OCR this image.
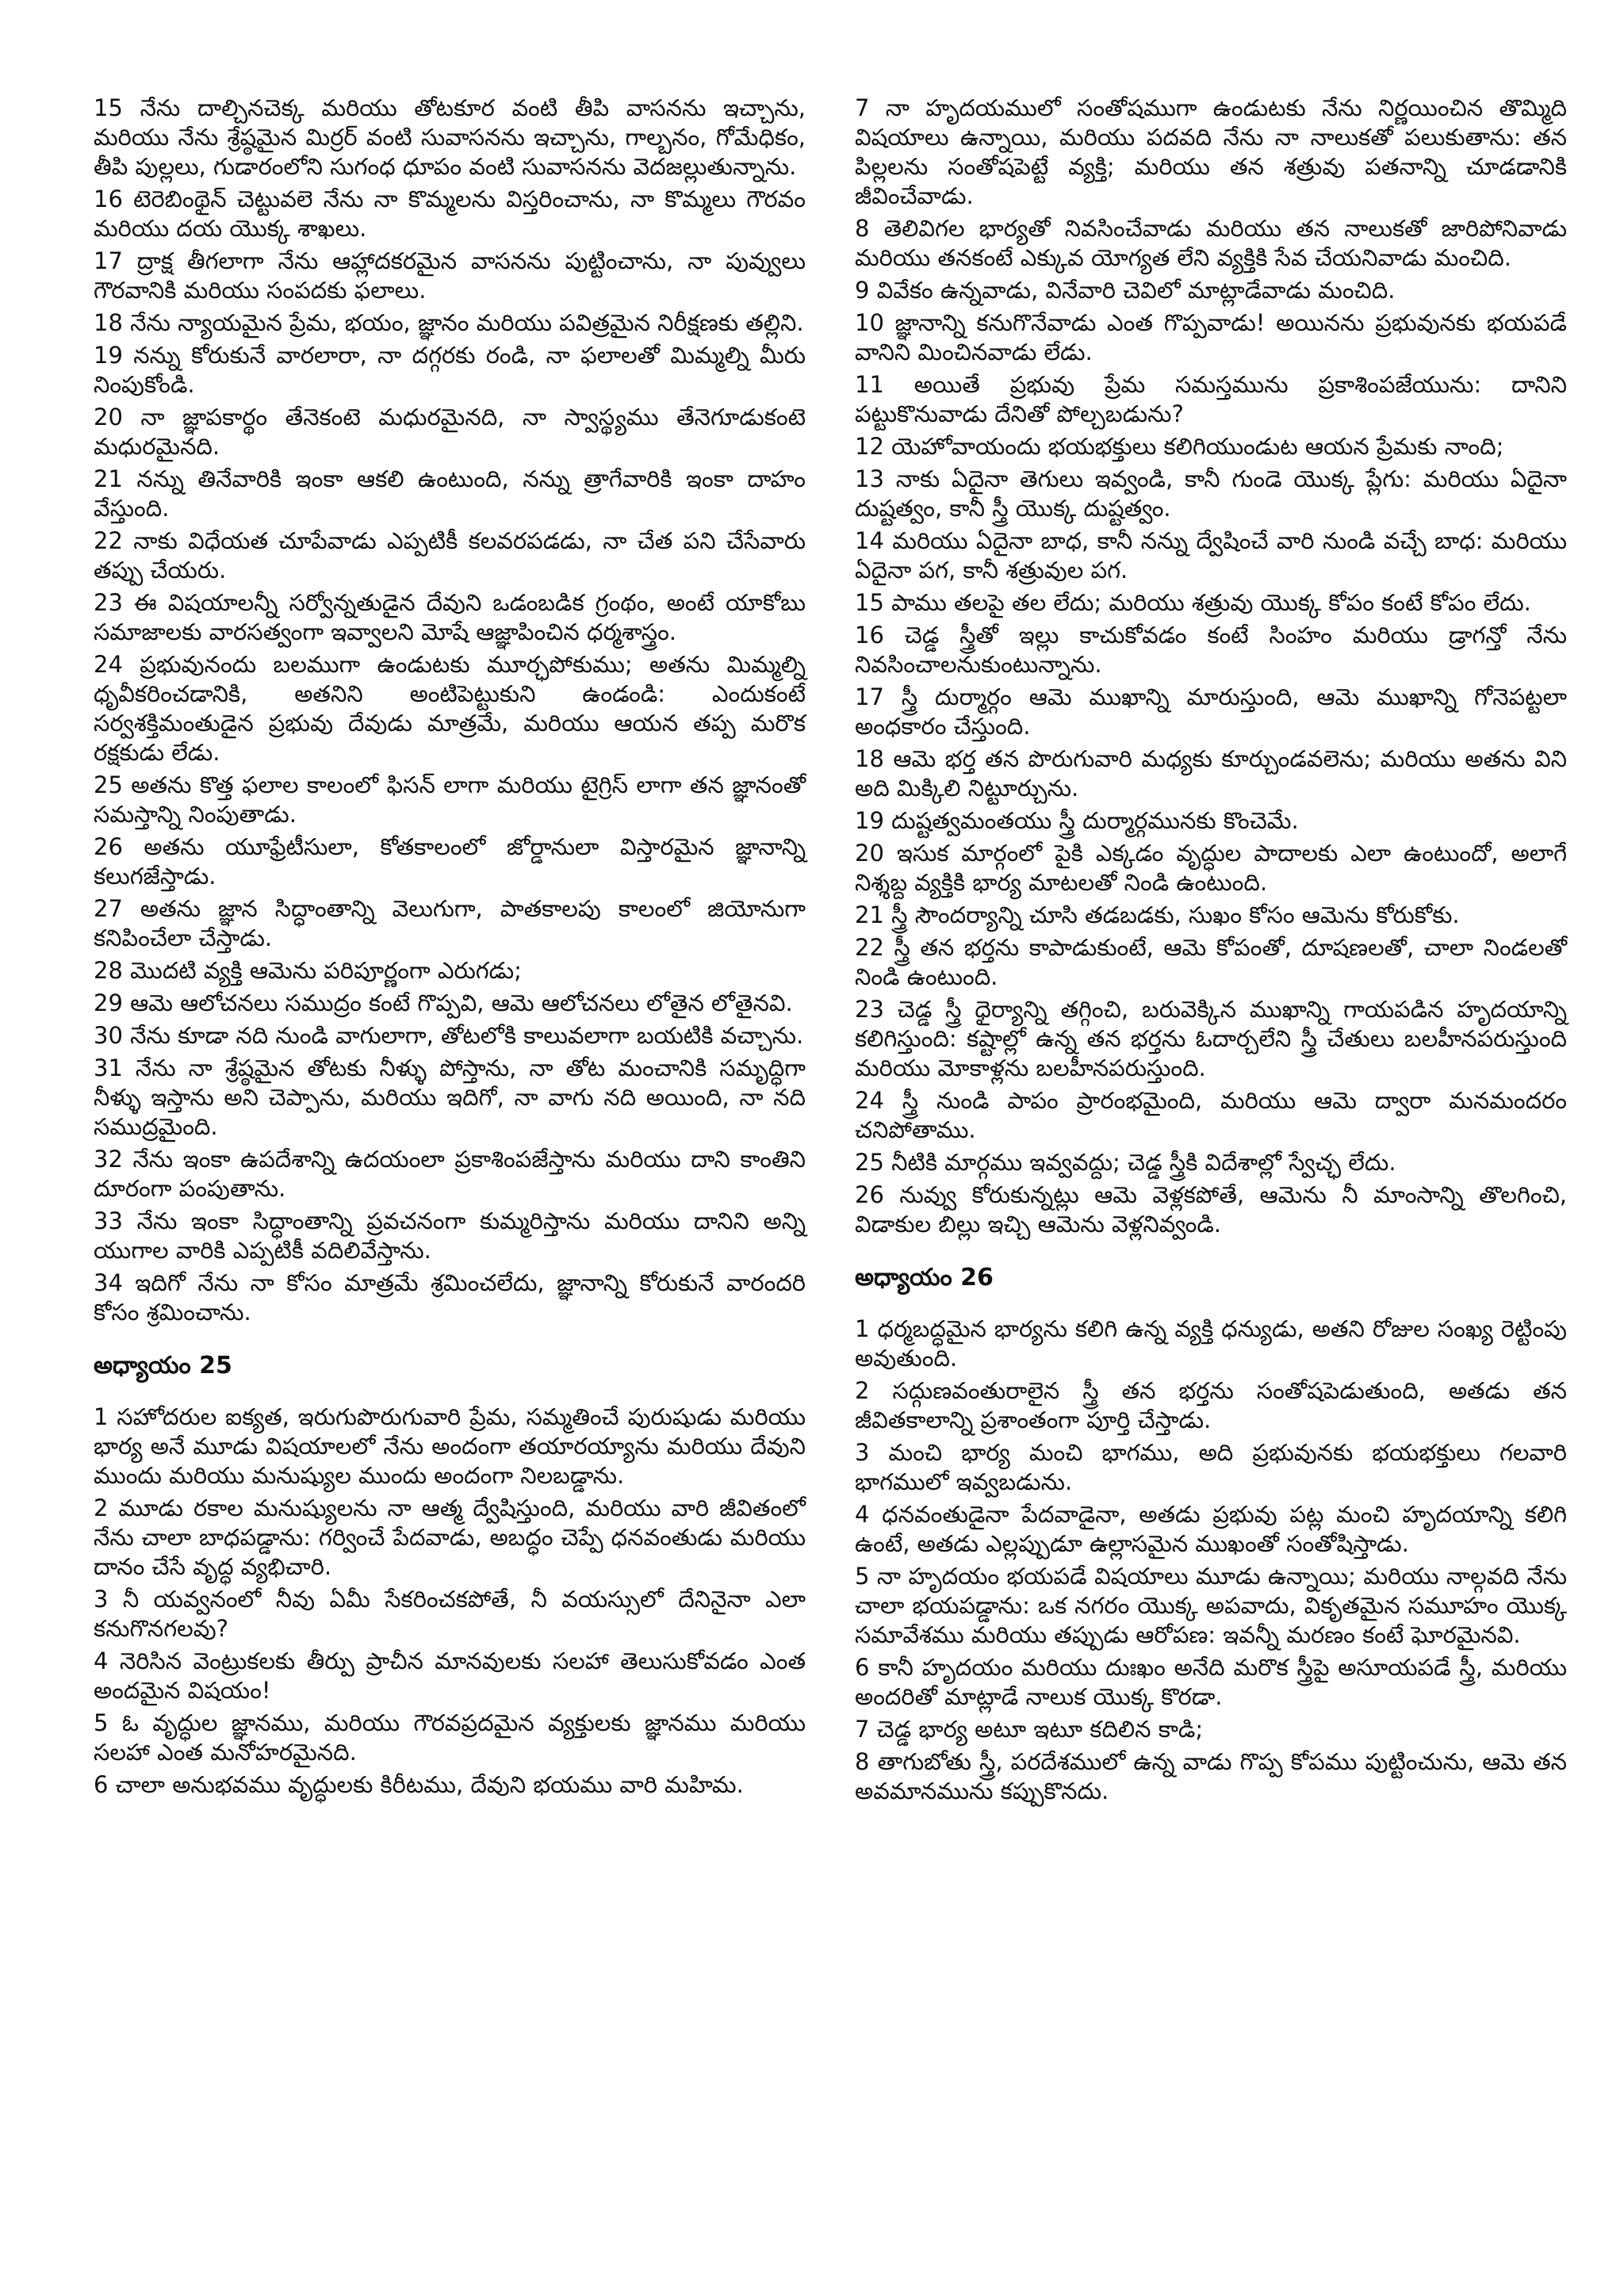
15 నేను దాల్చినచెక్క మరియు తోటకూర వంటి తీపి వాసనను ఇచ్చాను, మరియు నేను శ్రేష్ఠమైన మిర్రర్ వంటి సువాసనను ఇచ్చాను, గాల్బనం, గోమేధికం, తీపి పుల్లలు, గుడారంలోని సుగంధ ధూపం వంటి సువాసనను వెదజల్లుతున్నాను.

16 టెరెబింథైన్ చెట్టువలె నేను నా కొమ్మలను విస్తరించాను, నా కొమ్మలు గౌరవం మరియు దయ యొక్క శాఖలు.

17 ద్రాక్ష తీగలాగా నేను ఆహ్లాదకరమైన వాసనను పుట్టించాను, నా పువ్వులు గౌరవానికి మరియు సంపదకు ఫలాలు.

18 నేను న్యాయమైన ప్రేమ, భయం, జ్ఞానం మరియు పవిత్రమైన నిరీక్షణకు తల్లిని.

19 నన్ను కోరుకునే వారలారా, నా దగ్గరకు రండి, నా ఫలాలతో మిమ్మల్ని మీరు నింపుకోండి.

20 నా జ్ఞాపకార్థం తేనెకంటె మధురమైనది, నా స్వాస్థ్యము తేనెగూడుకంటె మధురమైనది.

21 నన్ను తినేవారికి ఇంకా ఆకలి ఉంటుంది, నన్ను త్రాగేవారికి ఇంకా దాహం వేస్తుంది.

22 నాకు విధేయత చూపేవాడు ఎప్పటికీ కలవరపడడు, నా చేత పని చేసేవారు తప్పు చేయరు.

23 ఈ విషయాలన్నీ సర్వోన్నతుడైన దేవుని ఒడంబడిక గ్రంథం, అంటే యాకోబు సమాజాలకు వారసత్వంగా ఇవ్వాలని మోషే ఆజ్ఞాపించిన ధర్మశాస్త్రం.

24 ప్రభువునందు బలముగా ఉండుటకు మూర్ఛపోకుము; అతను మిమ్మల్ని ధృవీకరించడానికి, అతనిని అంటిపెట్టుకుని ఉండండి: ఎందుకంటే సర్వశక్తిమంతుడైన ప్రభువు దేవుడు మాత్రమే, మరియు ఆయన తప్ప మరొక రక్షకుడు లేడు.

25 అతను కొత్త ఫలాల కాలంలో ఫిసన్ లాగా మరియు టైగ్రిస్ లాగా తన జ్ఞానంతో సమస్తాన్ని నింపుతాడు.

26 అతను యూఫ్రేటీసులా, కోతకాలంలో జోర్డానులా విస్తారమైన జ్ఞానాన్ని కలుగజేస్తాడు.

27 అతను జ్ఞాన సిద్ధాంతాన్ని వెలుగుగా, పాతకాలపు కాలంలో జియోనుగా కనిపించేలా చేస్తాడు.

28 మొదటి వ్యక్తి ఆమెను పరిపూర్ణంగా ఎరుగడు;

29 ఆమె ఆలోచనలు సముద్రం కంటే గొప్పవి, ఆమె ఆలోచనలు లోతైన లోతైనవి.

30 నేను కూడా నది నుండి వాగులాగా, తోటలోకి కాలువలాగా బయటికి వచ్చాను.

31 నేను నా శ్రేష్ఠమైన తోటకు నీళ్ళు పోస్తాను, నా తోట మంచానికి సమృద్ధిగా నీళ్ళు ఇస్తాను అని చెప్పాను, మరియు ఇదిగో, నా వాగు నది అయింది, నా నది సముద్రమైంది.

32 నేను ఇంకా ఉపదేశాన్ని ఉదయంలా ప్రకాశింపజేస్తాను మరియు దాని కాంతిని దూరంగా పంపుతాను.

33 నేను ఇంకా సిద్ధాంతాన్ని ప్రవచనంగా కుమ్మరిస్తాను మరియు దానిని అన్ని యుగాల వారికి ఎప్పటికీ వదిలివేస్తాను.

34 ఇదిగో నేను నా కోసం మాత్రమే శ్రమించలేదు, జ్ఞానాన్ని కోరుకునే వారందరి కోసం శ్రమించాను.

అధ్యాయం 25

1 సహోదరుల ఐక్యత, ఇరుగుపొరుగువారి ప్రేమ, సమ్మతించే పురుషుడు మరియు భార్య అనే మూడు విషయాలలో నేను అందంగా తయారయ్యాను మరియు దేవుని ముందు మరియు మనుష్యుల ముందు అందంగా నిలబడ్డాను.

2 మూడు రకాల మనుష్యులను నా ఆత్మ ద్వేషిస్తుంది, మరియు వారి జీవితంలో నేను చాలా బాధపడ్డాను: గర్వించే పేదవాడు, అబద్ధం చెప్పే ధనవంతుడు మరియు దానం చేసే వృద్ధ వ్యభిచారి.

3 నీ యవ్వనంలో నీవు ఏమీ సేకరించకపోతే, నీ వయస్సులో దేనినైనా ఎలా కనుగొనగలవు?

4 నెరిసిన వెంట్రుకలకు తీర్పు ప్రాచీన మానవులకు సలహా తెలుసుకోవడం ఎంత అందమైన విషయం!

5 ఓ వృద్ధుల జ్ఞానము, మరియు గౌరవప్రదమైన వ్యక్తులకు జ్ఞానము మరియు సలహా ఎంత మనోహరమైనది.

6 చాలా అనుభవము వృద్ధులకు కిరీటము, దేవుని భయము వారి మహిమ.

7 నా హృదయములో సంతోషముగా ఉండుటకు నేను నిర్ణయించిన తొమ్మిది విషయాలు ఉన్నాయి, మరియు పదవది నేను నా నాలుకతో పలుకుతాను: తన పిల్లలను సంతోషపెట్టే వ్యక్తి; మరియు తన శత్రువు పతనాన్ని చూడడానికి జీవించేవాడు.

8 తెలివిగల భార్యతో నివసించేవాడు మరియు తన నాలుకతో జారిపోనివాడు మరియు తనకంటే ఎక్కువ యోగ్యత లేని వ్యక్తికి సేవ చేయనివాడు మంచిది.

9 వివేకం ఉన్నవాడు, వినేవారి చెవిలో మాట్లాడేవాడు మంచిది.

10 జ్ఞానాన్ని కనుగొనేవాడు ఎంత గొప్పవాడు! అయినను ప్రభువునకు భయపడే వానిని మించినవాడు లేడు.

11 అయితే ప్రభువు ప్రేమ సమస్తమును ప్రకాశింపజేయును: దానిని పట్టుకొనువాడు దేనితో పోల్చబడును?

12 యెహోవాయందు భయభక్తులు కలిగియుండుట ఆయన ప్రేమకు నాంది;

13 నాకు ఏదైనా తెగులు ఇవ్వండి, కానీ గుండె యొక్క ప్లేగు: మరియు ఏదైనా దుష్టత్వం, కానీ స్త్రీ యొక్క దుష్టత్వం.

14 మరియు ఏదైనా బాధ, కానీ నన్ను ద్వేషించే వారి నుండి వచ్చే బాధ: మరియు ఏదైనా పగ, కానీ శత్రువుల పగ.

15 పాము తలపై తల లేదు; మరియు శత్రువు యొక్క కోపం కంటే కోపం లేదు.

16 చెడ్డ స్త్రీతో ఇల్లు కాచుకోవడం కంటే సింహం మరియు డ్రాగన్తో నేను నివసించాలనుకుంటున్నాను.

17 స్త్రీ దుర్మార్గం ఆమె ముఖాన్ని మారుస్తుంది, ఆమె ముఖాన్ని గోనెపట్టలా అంధకారం చేస్తుంది.

18 ఆమె భర్త తన పొరుగువారి మధ్యకు కూర్చుండవలెను; మరియు అతను విని అది మిక్కిలి నిట్టూర్చును.

19 దుష్టత్వమంతయు స్త్రీ దుర్మార్గమునకు కొంచెమే.

20 ఇసుక మార్గంలో పైకి ఎక్కడం వృద్ధుల పాదాలకు ఎలా ఉంటుందో, అలాగే నిశ్శబ్ద వ్యక్తికి భార్య మాటలతో నిండి ఉంటుంది.

21 స్త్రీ సౌందర్యాన్ని చూసి తడబడకు, సుఖం కోసం ఆమెను కోరుకోకు.

22 స్త్రీ తన భర్తను కాపాడుకుంటే, ఆమె కోపంతో, దూషణలతో, చాలా నిండలతో నిండి ఉంటుంది.

23 చెడ్డ స్త్రీ ధైర్యాన్ని తగ్గించి, బరువెక్కిన ముఖాన్ని గాయపడిన హృదయాన్ని కలిగిస్తుంది: కష్టాల్లో ఉన్న తన భర్తను ఓదార్చలేని స్త్రీ చేతులు బలహీనపరుస్తుంది మరియు మోకాళ్లను బలహీనపరుస్తుంది.

24 స్త్రీ నుండి పాపం ప్రారంభమైంది, మరియు ఆమె ద్వారా మనమందరం చనిపోతాము.

25 నీటికి మార్గము ఇవ్వవద్దు; చెడ్డ స్త్రీకి విదేశాల్లో స్వేచ్ఛ లేదు.

26 నువ్వు కోరుకున్నట్లు ఆమె వెళ్లకపోతే, ఆమెను నీ మాంసాన్ని తొలగించి, విడాకుల బిల్లు ఇచ్చి ఆమెను వెళ్లనివ్వండి.

అధ్యాయం 26

1 ధర్మబద్ధమైన భార్యను కలిగి ఉన్న వ్యక్తి ధన్యుడు, అతని రోజుల సంఖ్య రెట్టింపు అవుతుంది.

2 సద్గుణవంతురాలైన స్త్రీ తన భర్తను సంతోషపెడుతుంది, అతడు తన జీవితకాలాన్ని ప్రశాంతంగా పూర్తి చేస్తాడు.

3 మంచి భార్య మంచి భాగము, అది ప్రభువునకు భయభక్తులు గలవారి భాగములో ఇవ్వబడును.

4 ధనవంతుడైనా పేదవాడైనా, అతడు ప్రభువు పట్ల మంచి హృదయాన్ని కలిగి ఉంటే, అతడు ఎల్లప్పుడూ ఉల్లాసమైన ముఖంతో సంతోషిస్తాడు.

5 నా హృదయం భయపడే విషయాలు మూడు ఉన్నాయి; మరియు నాల్గవది నేను చాలా భయపడ్డాను: ఒక నగరం యొక్క అపవాదు, వికృతమైన సమూహం యొక్క సమావేశము మరియు తప్పుడు ఆరోపణ: ఇవన్నీ మరణం కంటే ఘోరమైనవి.

6 కానీ హృదయం మరియు దుఃఖం అనేది మరొక స్త్రీపై అసూయపడే స్త్రీ, మరియు అందరితో మాట్లాడే నాలుక యొక్క కొరడా.

7 చెడ్డ భార్య అటూ ఇటూ కదిలిన కాడి;

8 తాగుబోతు స్త్రీ, పరదేశములో ఉన్న వాడు గొప్ప కోపము పుట్టించును, ఆమె తన అవమానమును కప్పుకొనదు.
